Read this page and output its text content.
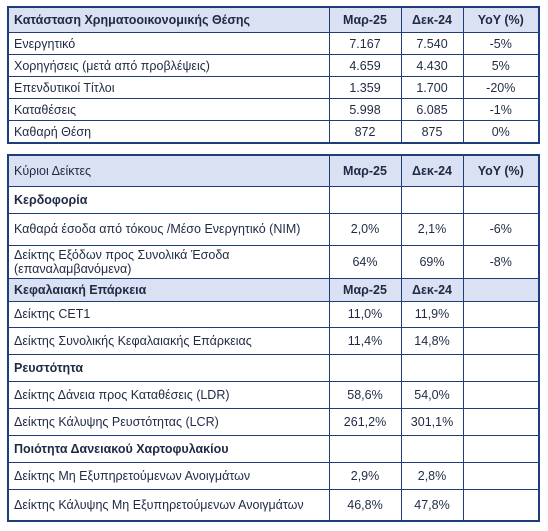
Κατάσταση Χρηματοοικονομικής Θέσης	Μαρ-25	Δεκ-24	YoY (%)
Ενεργητικό	7.167	7.540	-5%
Χορηγήσεις (μετά από προβλέψεις)	4.659	4.430	5%
Επενδυτικοί Τίτλοι	1.359	1.700	-20%
Καταθέσεις	5.998	6.085	-1%
Καθαρή Θέση	872	875	0%
Κύριοι Δείκτες	Μαρ-25	Δεκ-24	YoY (%)
Κερδοφορία			
Καθαρά έσοδα από τόκους /Μέσο Ενεργητικό (NIM)	2,0%	2,1%	-6%
Δείκτης Εξόδων προς Συνολικά Έσοδα (επαναλαμβανόμενα)	64%	69%	-8%
Κεφαλαιακή Επάρκεια	Μαρ-25	Δεκ-24	
Δείκτης CET1	11,0%	11,9%	
Δείκτης Συνολικής Κεφαλαιακής Επάρκειας	11,4%	14,8%	
Ρευστότητα			
Δείκτης Δάνεια προς Καταθέσεις (LDR)	58,6%	54,0%	
Δείκτης Κάλυψης Ρευστότητας (LCR)	261,2%	301,1%	
Ποιότητα Δανειακού Χαρτοφυλακίου			
Δείκτης Μη Εξυπηρετούμενων Ανοιγμάτων	2,9%	2,8%	
Δείκτης Κάλυψης Μη Εξυπηρετούμενων Ανοιγμάτων	46,8%	47,8%	
